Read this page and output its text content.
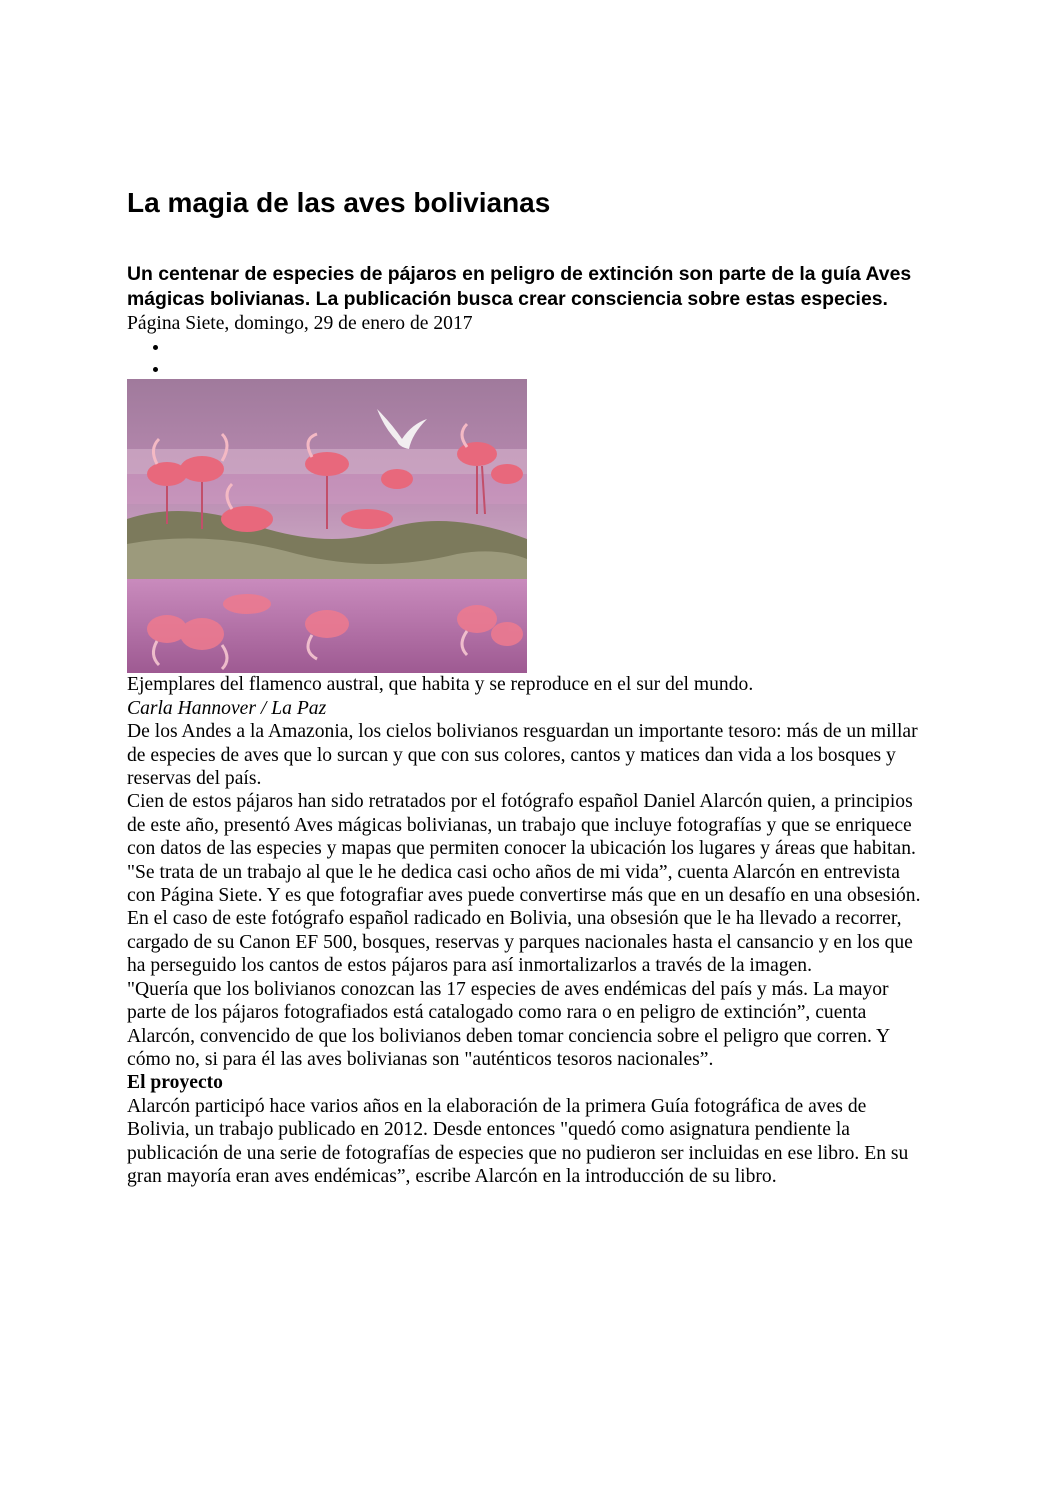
La magia de las aves bolivianas
Un centenar de especies de pájaros en peligro de extinción son parte de la guía Aves mágicas bolivianas. La publicación busca crear consciencia sobre estas especies.

Página Siete, domingo, 29 de enero de 2017

Ejemplares del flamenco austral, que habita y se reproduce en el sur del mundo.

Carla Hannover / La Paz

De los Andes a la Amazonia, los cielos bolivianos resguardan un importante tesoro: más de un millar de especies de aves que lo surcan y que con sus colores, cantos y matices dan vida a los bosques y reservas del país.

Cien de estos pájaros han sido retratados por el fotógrafo español Daniel Alarcón quien, a principios de este año, presentó Aves mágicas bolivianas, un trabajo que incluye fotografías y que se enriquece con datos de las especies y mapas que permiten conocer la ubicación los lugares y áreas que habitan.

"Se trata de un trabajo al que le he dedica casi ocho años de mi vida”, cuenta Alarcón en entrevista con Página Siete. Y es que fotografiar aves puede convertirse más que en un desafío en una obsesión. En el caso de este fotógrafo español radicado en Bolivia, una obsesión que le ha llevado a recorrer, cargado de su Canon EF 500, bosques, reservas y parques nacionales hasta el cansancio y en los que ha perseguido los cantos de estos pájaros para así inmortalizarlos a través de la imagen.

"Quería que los bolivianos conozcan las 17 especies de aves endémicas del país y más. La mayor parte de los pájaros fotografiados está catalogado como rara o en peligro de extinción”, cuenta Alarcón, convencido de que los bolivianos deben tomar conciencia sobre el peligro que corren. Y cómo no, si para él las aves bolivianas son "auténticos tesoros nacionales”.

El proyecto

Alarcón participó hace varios años en la elaboración de la primera Guía fotográfica de aves de Bolivia, un trabajo publicado en 2012. Desde entonces "quedó como asignatura pendiente la publicación de una serie de fotografías de especies que no pudieron ser incluidas en ese libro. En su gran mayoría eran aves endémicas”, escribe Alarcón en la introducción de su libro.
